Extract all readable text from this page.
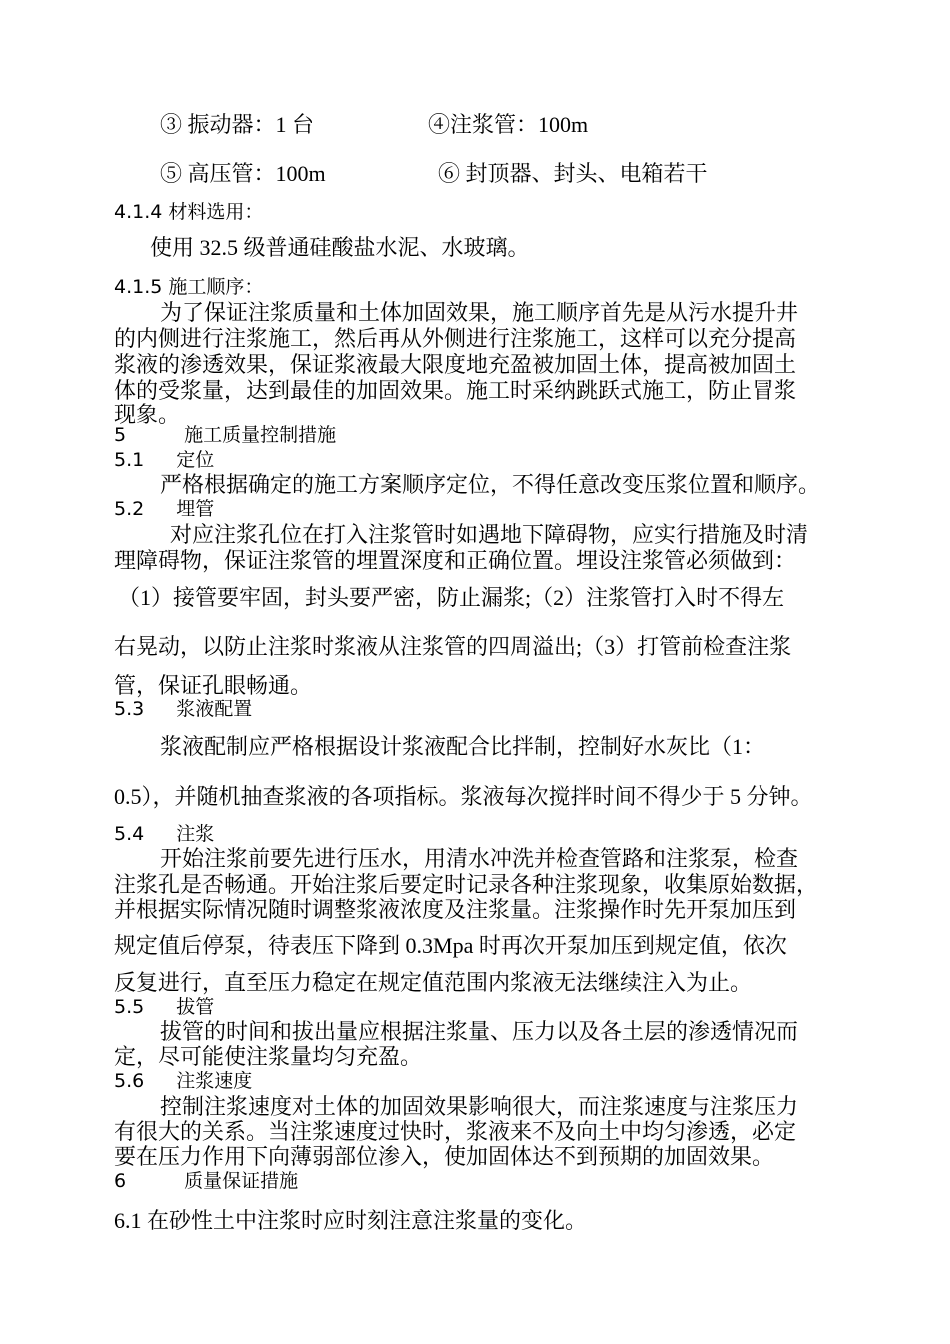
③ 振动器：1 台	④注浆管：100m
⑤ 高压管：100m	⑥ 封顶器、封头、电箱若干
4.1.4 材料选用：
使用 32.5 级普通硅酸盐水泥、水玻璃。
4.1.5 施工顺序：
为了保证注浆质量和土体加固效果，施工顺序首先是从污水提升井
的内侧进行注浆施工，然后再从外侧进行注浆施工，这样可以充分提高
浆液的渗透效果，保证浆液最大限度地充盈被加固土体，提高被加固土
体的受浆量，达到最佳的加固效果。施工时采纳跳跃式施工，防止冒浆
现象。
5	施工质量控制措施
5.1 定位
严格根据确定的施工方案顺序定位，不得任意改变压浆位置和顺序。
5.2 埋管
对应注浆孔位在打入注浆管时如遇地下障碍物，应实行措施及时清
理障碍物，保证注浆管的埋置深度和正确位置。埋设注浆管必须做到：
（1）接管要牢固，封头要严密，防止漏浆;（2）注浆管打入时不得左
右晃动，以防止注浆时浆液从注浆管的四周溢出;（3）打管前检查注浆
管，保证孔眼畅通。
5.3 浆液配置
浆液配制应严格根据设计浆液配合比拌制，控制好水灰比（1：
0.5），并随机抽查浆液的各项指标。浆液每次搅拌时间不得少于 5 分钟。
5.4 注浆
开始注浆前要先进行压水，用清水冲洗并检查管路和注浆泵，检查
注浆孔是否畅通。开始注浆后要定时记录各种注浆现象，收集原始数据，
并根据实际情况随时调整浆液浓度及注浆量。注浆操作时先开泵加压到
规定值后停泵，待表压下降到 0.3Mpa 时再次开泵加压到规定值，依次
反复进行，直至压力稳定在规定值范围内浆液无法继续注入为止。
5.5 拔管
拔管的时间和拔出量应根据注浆量、压力以及各土层的渗透情况而
定，尽可能使注浆量均匀充盈。
5.6 注浆速度
控制注浆速度对土体的加固效果影响很大，而注浆速度与注浆压力
有很大的关系。当注浆速度过快时，浆液来不及向土中均匀渗透，必定
要在压力作用下向薄弱部位渗入，使加固体达不到预期的加固效果。
6	质量保证措施
6.1 在砂性土中注浆时应时刻注意注浆量的变化。
